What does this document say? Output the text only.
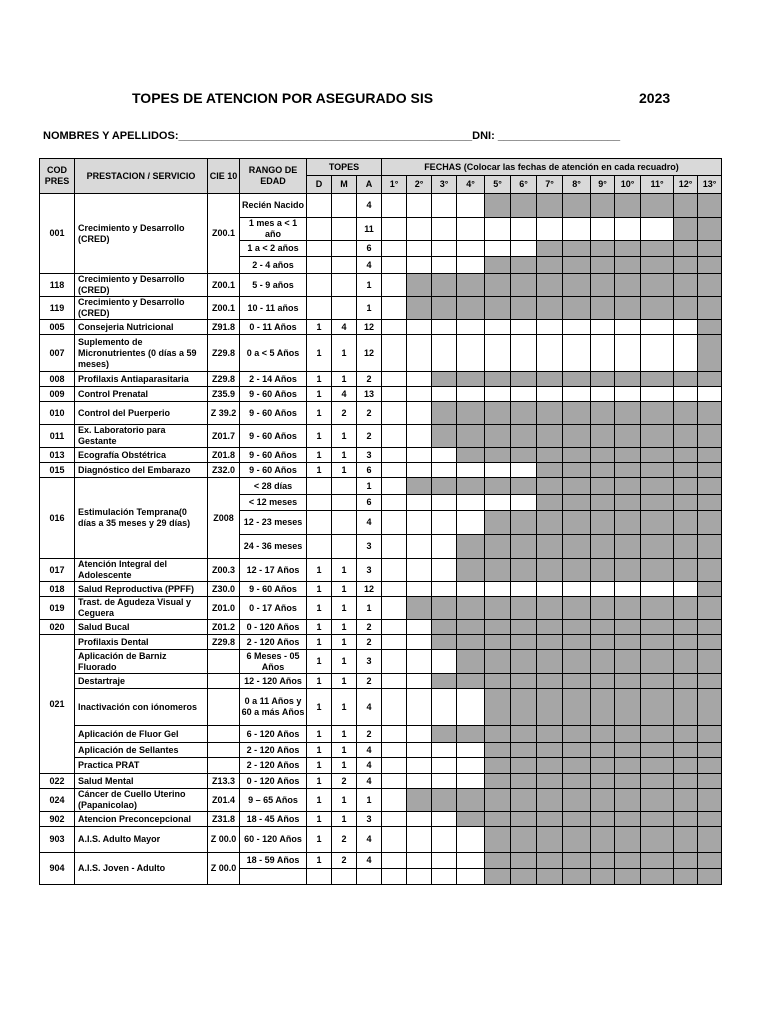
TOPES DE ATENCION POR ASEGURADO SIS	2023
NOMBRES Y APELLIDOS:________________________________________________DNI: ____________________
COD PRES	PRESTACION / SERVICIO	CIE 10	RANGO DE EDAD	TOPES			FECHAS (Colocar las fechas de atención en cada recuadro)												
				D	M	A	1°	2°	3°	4°	5°	6°	7°	8°	9°	10°	11°	12°	13°
001	Crecimiento y Desarrollo (CRED)	Z00.1	Recién Nacido			4													
			1 mes a < 1 año			11													
			1 a < 2 años			6													
			2 - 4 años			4													
118	Crecimiento y Desarrollo (CRED)	Z00.1	5 - 9 años			1													
119	Crecimiento y Desarrollo (CRED)	Z00.1	10 - 11 años			1													
005	Consejeria Nutricional	Z91.8	0 - 11 Años	1	4	12													
007	Suplemento de Micronutrientes (0 días a 59 meses)	Z29.8	0 a < 5 Años	1	1	12													
008	Profilaxis Antiaparasitaria	Z29.8	2 - 14 Años	1	1	2													
009	Control Prenatal	Z35.9	9 - 60 Años	1	4	13													
010	Control del Puerperio	Z 39.2	9 - 60 Años	1	2	2													
011	Ex. Laboratorio para Gestante	Z01.7	9 - 60 Años	1	1	2													
013	Ecografía Obstétrica	Z01.8	9 - 60 Años	1	1	3													
015	Diagnóstico del Embarazo	Z32.0	9 - 60 Años	1	1	6													
016	Estimulación Temprana(0 días a 35 meses y 29 días)	Z008	< 28 días			1													
			< 12 meses			6													
			12 - 23 meses			4													
			24 - 36 meses			3													
017	Atención Integral del Adolescente	Z00.3	12 - 17 Años	1	1	3													
018	Salud Reproductiva (PPFF)	Z30.0	9 - 60 Años	1	1	12													
019	Trast. de Agudeza Visual y Ceguera	Z01.0	0 - 17 Años	1	1	1													
020	Salud Bucal	Z01.2	0 - 120 Años	1	1	2													
021	Profilaxis Dental	Z29.8	2 - 120 Años	1	1	2													
	Aplicación de Barniz Fluorado		6 Meses - 05 Años	1	1	3													
	Destartraje		12 - 120 Años	1	1	2													
	Inactivación con iónomeros		0 a 11 Años y 60 a más Años	1	1	4													
	Aplicación de Fluor Gel		6 - 120 Años	1	1	2													
	Aplicación de Sellantes		2 - 120 Años	1	1	4													
	Practica PRAT		2 - 120 Años	1	1	4													
022	Salud Mental	Z13.3	0 - 120 Años	1	2	4													
024	Cáncer de Cuello Uterino (Papanicolao)	Z01.4	9 – 65 Años	1	1	1													
902	Atencion Preconcepcional	Z31.8	18 - 45 Años	1	1	3													
903	A.I.S. Adulto Mayor	Z 00.0	60 - 120 Años	1	2	4													
904	A.I.S. Joven - Adulto	Z 00.0	18 - 59 Años	1	2	4													
